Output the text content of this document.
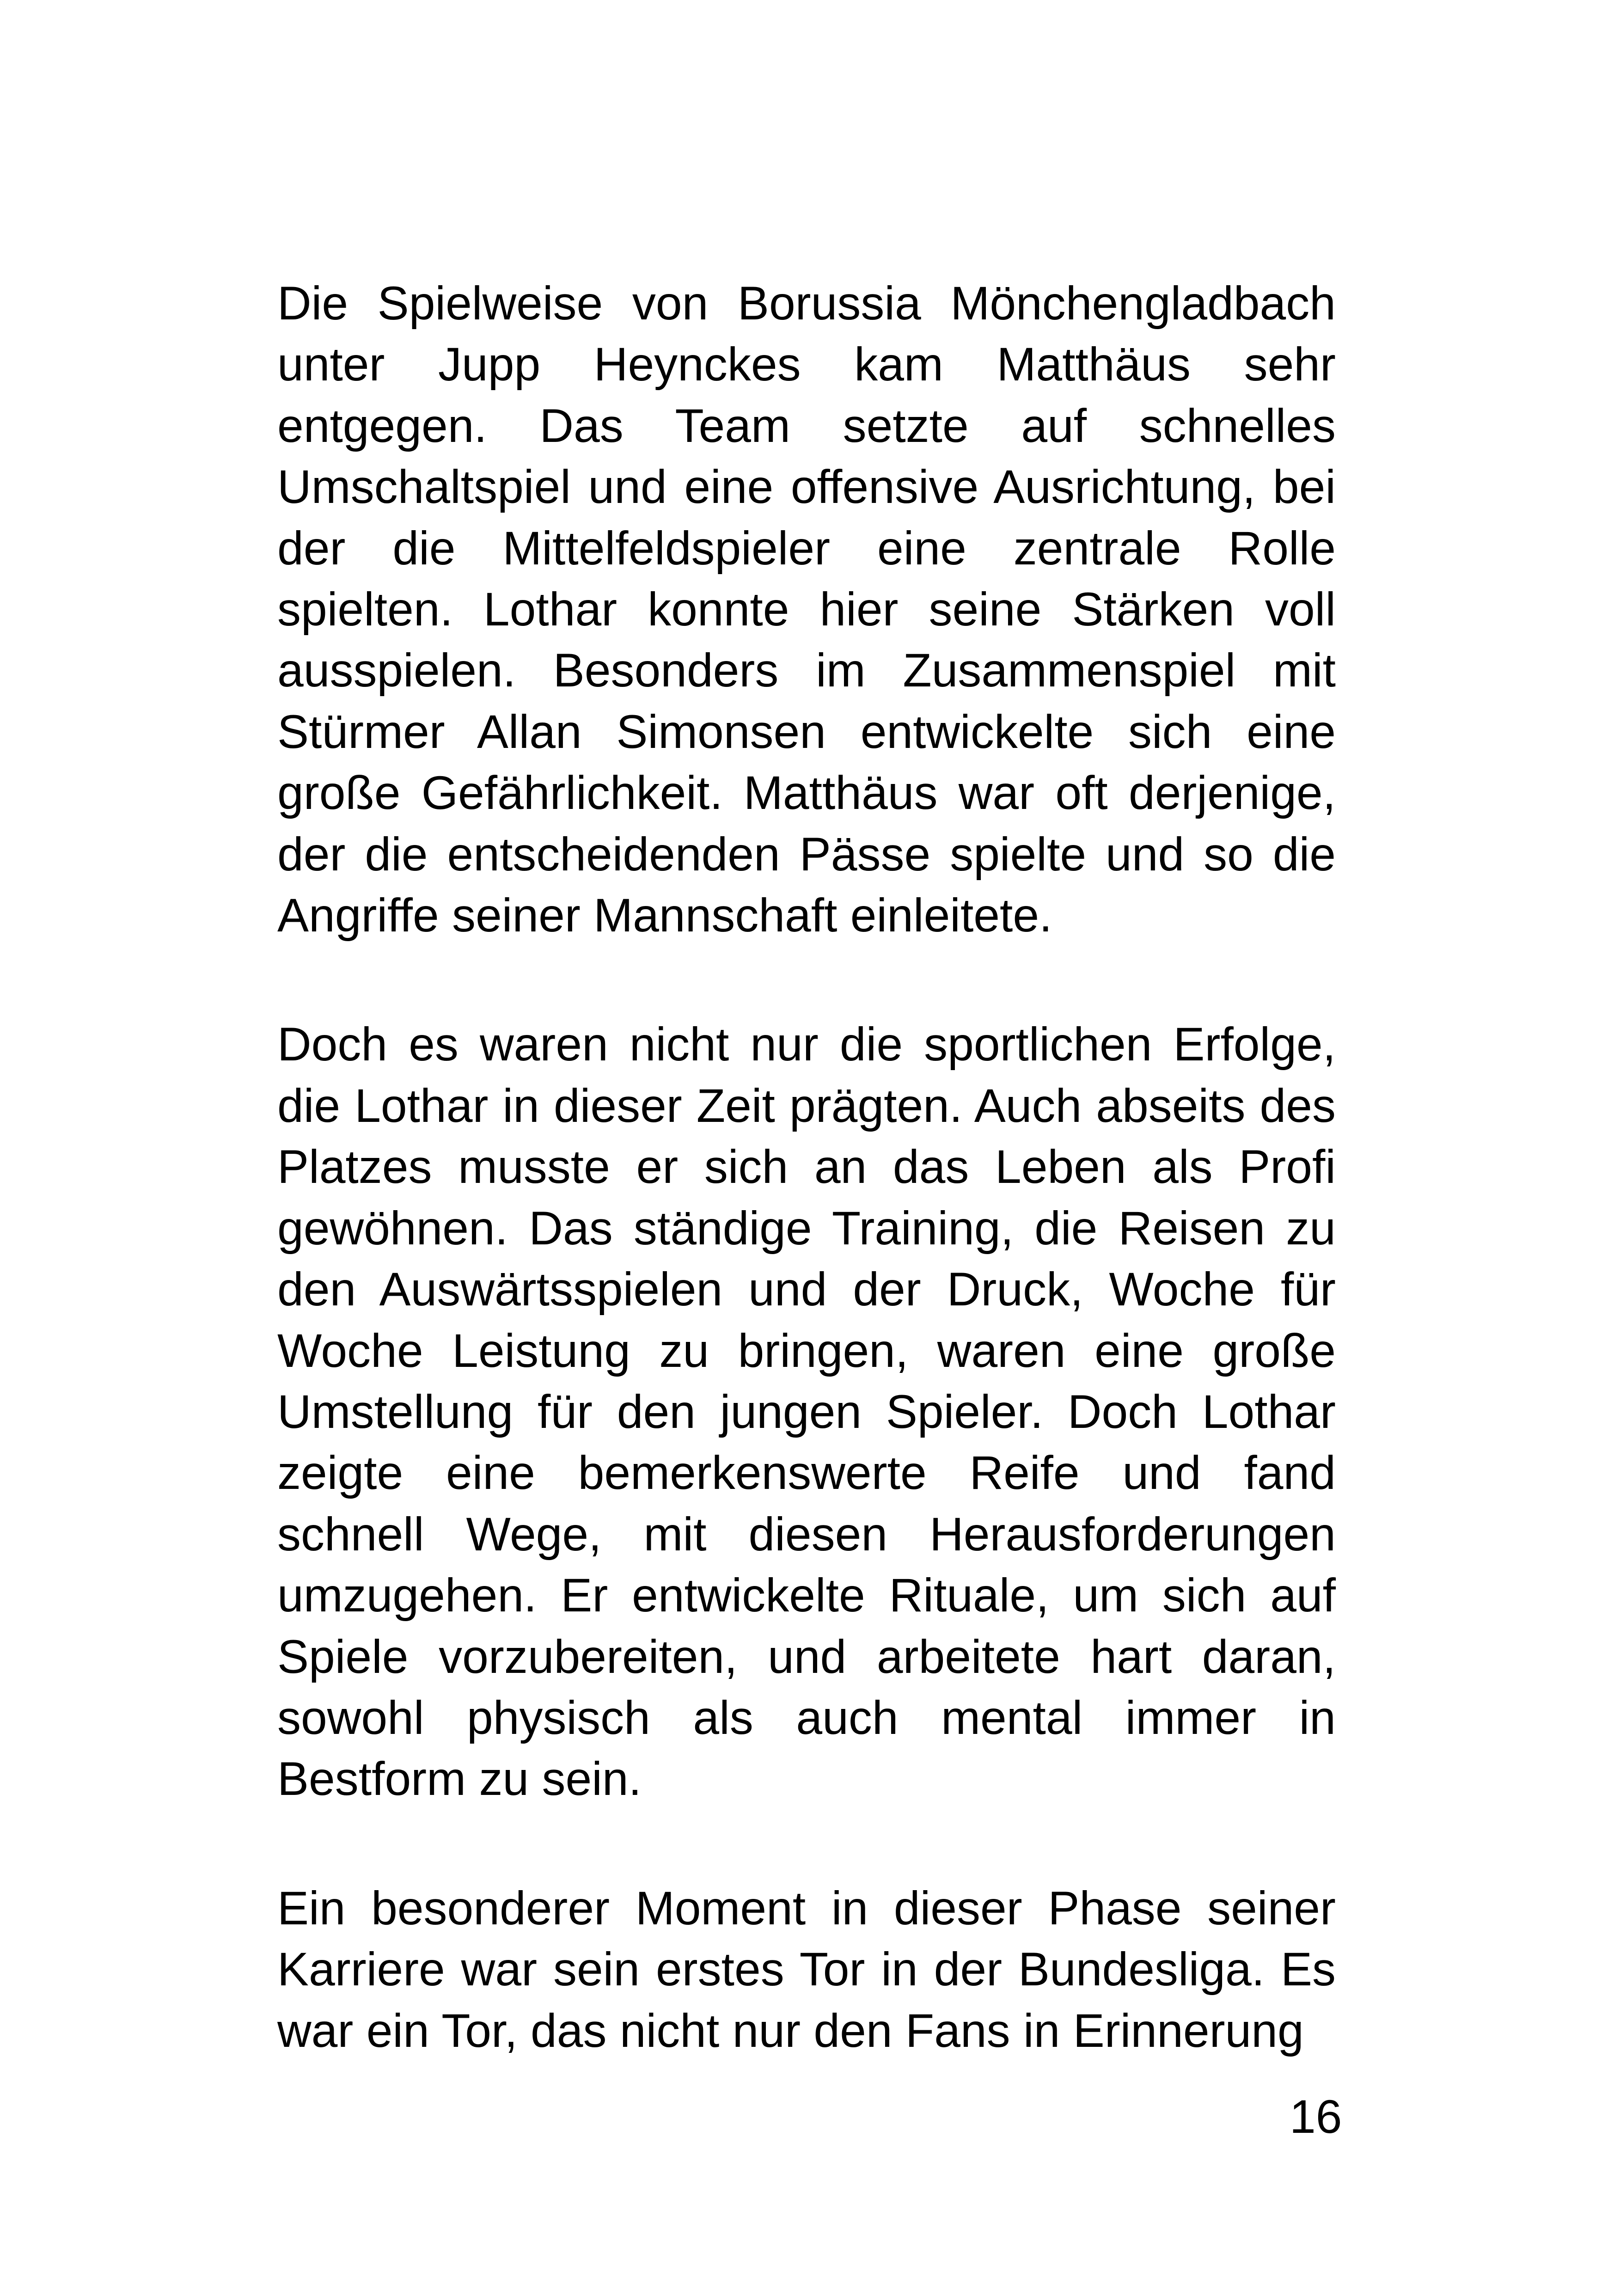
Die Spielweise von Borussia Mönchengladbach unter Jupp Heynckes kam Matthäus sehr entgegen. Das Team setzte auf schnelles Umschaltspiel und eine offensive Ausrichtung, bei der die Mittelfeldspieler eine zentrale Rolle spielten. Lothar konnte hier seine Stärken voll ausspielen. Besonders im Zusammenspiel mit Stürmer Allan Simonsen entwickelte sich eine große Gefährlichkeit. Matthäus war oft derjenige, der die entscheidenden Pässe spielte und so die Angriffe seiner Mannschaft einleitete.

Doch es waren nicht nur die sportlichen Erfolge, die Lothar in dieser Zeit prägten. Auch abseits des Platzes musste er sich an das Leben als Profi gewöhnen. Das ständige Training, die Reisen zu den Auswärtsspielen und der Druck, Woche für Woche Leistung zu bringen, waren eine große Umstellung für den jungen Spieler. Doch Lothar zeigte eine bemerkenswerte Reife und fand schnell Wege, mit diesen Herausforderungen umzugehen. Er entwickelte Rituale, um sich auf Spiele vorzubereiten, und arbeitete hart daran, sowohl physisch als auch mental immer in Bestform zu sein.

Ein besonderer Moment in dieser Phase seiner Karriere war sein erstes Tor in der Bundesliga. Es war ein Tor, das nicht nur den Fans in Erinnerung

16
